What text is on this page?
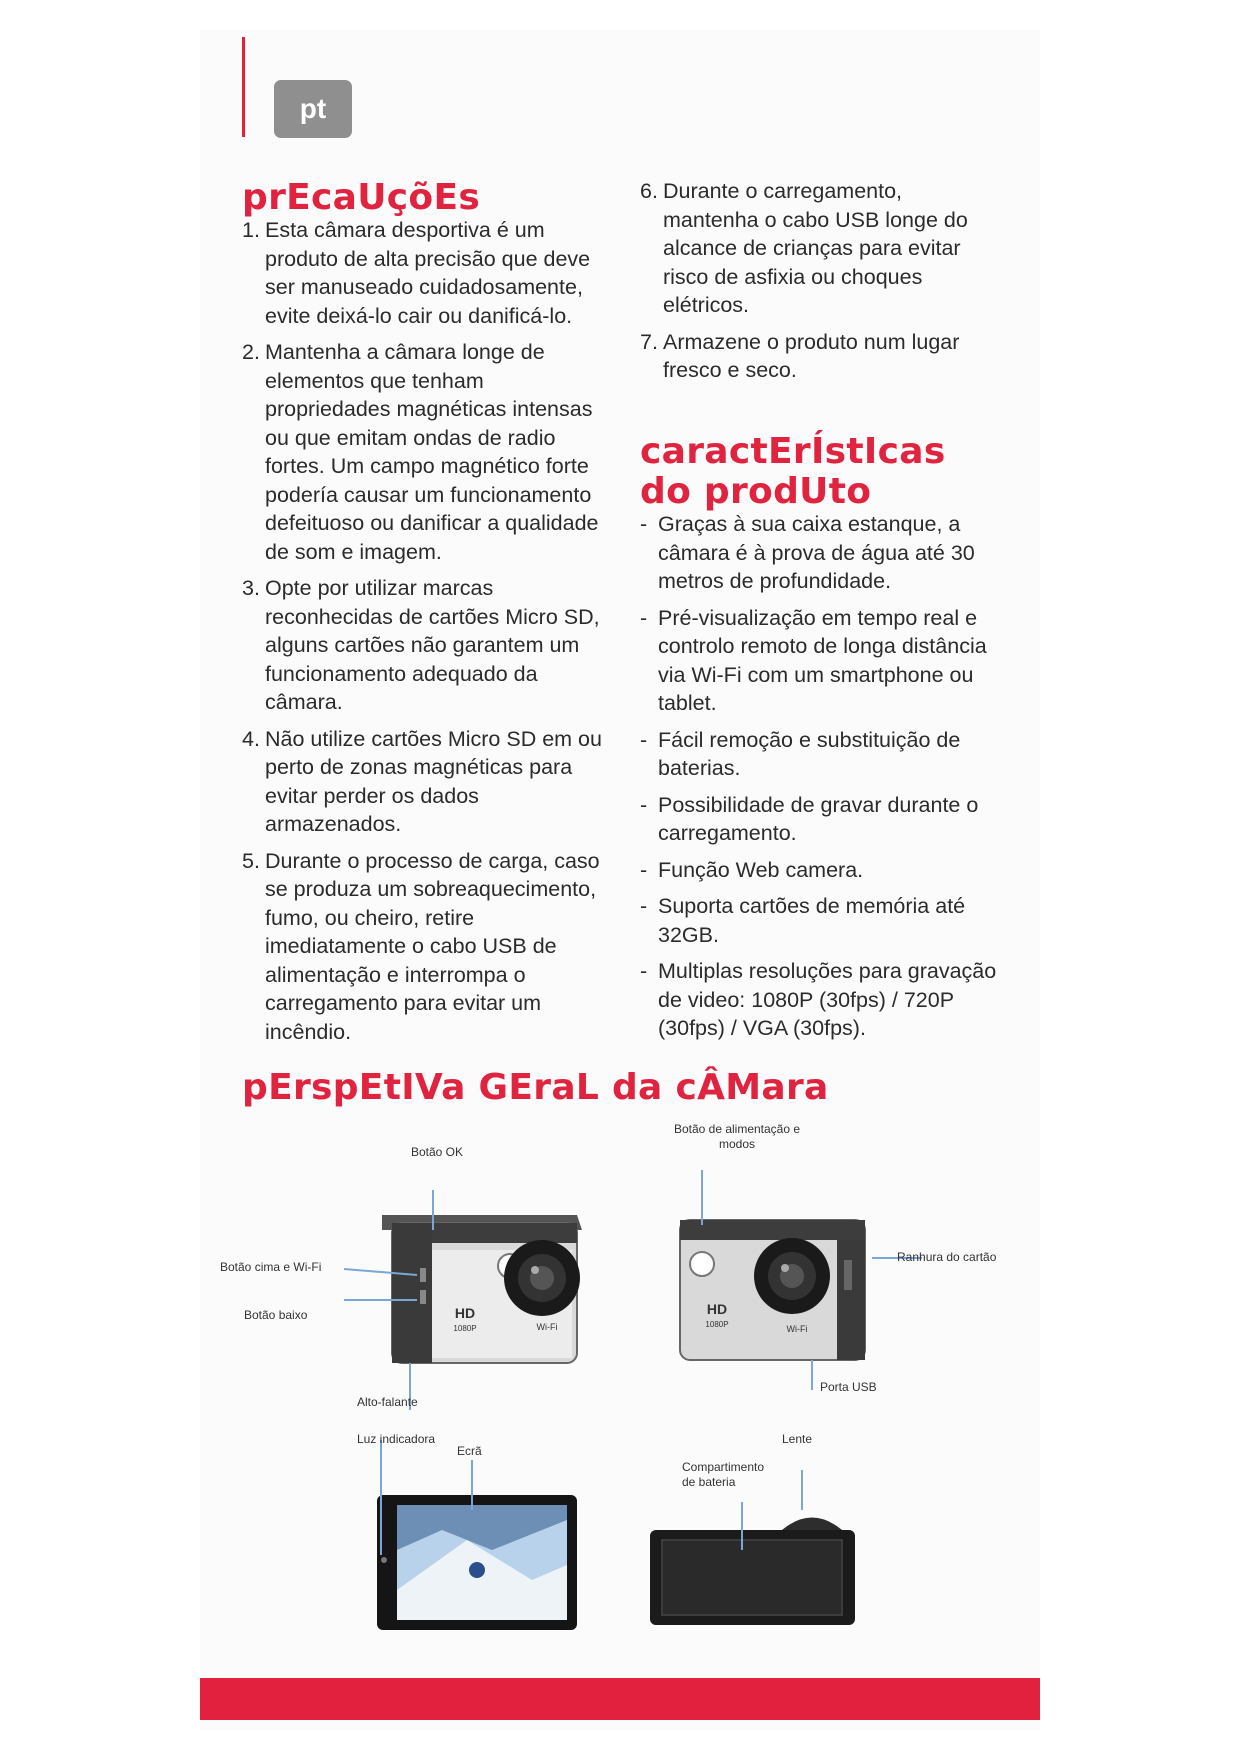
pt
prEcaUçõEs
1. Esta câmara desportiva é um produto de alta precisão que deve ser manuseado cuidadosamente, evite deixá-lo cair ou danificá-lo.
2. Mantenha a câmara longe de elementos que tenham propriedades magnéticas intensas ou que emitam ondas de radio fortes. Um campo magnético forte podería causar um funcionamento defeituoso ou danificar a qualidade de som e imagem.
3. Opte por utilizar marcas reconhecidas de cartões Micro SD, alguns cartões não garantem um funcionamento adequado da câmara.
4. Não utilize cartões Micro SD em ou perto de zonas magnéticas para evitar perder os dados armazenados.
5. Durante o processo de carga, caso se produza um sobreaquecimento, fumo, ou cheiro, retire imediatamente o cabo USB de alimentação e interrompa o carregamento para evitar um incêndio.
6. Durante o carregamento, mantenha o cabo USB longe do alcance de crianças para evitar risco de asfixia ou choques elétricos.
7. Armazene o produto num lugar fresco e seco.
caractErÍstIcas
do prodUto
- Graças à sua caixa estanque, a câmara é à prova de água até 30 metros de profundidade.
- Pré-visualização em tempo real e controlo remoto de longa distância via Wi-Fi com um smartphone ou tablet.
- Fácil remoção e substituição de baterias.
- Possibilidade de gravar durante o carregamento.
- Função Web camera.
- Suporta cartões de memória até 32GB.
- Multiplas resoluções para gravação de video: 1080P (30fps) / 720P (30fps) / VGA (30fps).
pErspEtIVa GEraL da cÂMara
Botão OK
Botão de alimentação e modos
Botão cima e Wi-Fi
Botão baixo
Ranhura do cartão
Porta USB
Alto-falante
Luz indicadora
Ecrã
Lente
Compartimento de bateria
HD
1080P	Wi-Fi
HD
1080P	Wi-Fi
